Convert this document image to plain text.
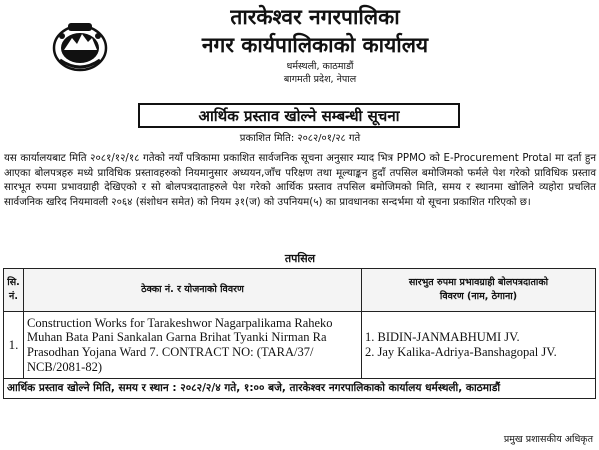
तारकेश्वर नगरपालिका
नगर कार्यपालिकाको कार्यालय
धर्मस्थली, काठमाडौं
बागमती प्रदेश, नेपाल
आर्थिक प्रस्ताव खोल्ने सम्बन्धी सूचना
प्रकाशित मिति: २०८२/०१/२८ गते

यस कार्यालयबाट मिति २०८१/१२/१८ गतेको नयाँ पत्रिकामा प्रकाशित सार्वजनिक सूचना अनुसार म्याद भित्र PPMO को E-Procurement Protal मा दर्ता हुन आएका बोलपत्रहरु मध्ये प्राविधिक प्रस्तावहरुको नियमानुसार अध्ययन,जाँच परिक्षण तथा मूल्याङ्कन हुदाँ तपसिल बमोजिमको फर्मले पेश गरेको प्राविधिक प्रस्ताव सारभूत रुपमा प्रभावग्राही देखिएको र सो बोलपत्रदाताहरुले पेश गरेको आर्थिक प्रस्ताव तपसिल बमोजिमको मिति, समय र स्थानमा खोलिने व्यहोरा प्रचलित सार्वजनिक खरिद नियमावली २०६४ (संशोधन समेत) को नियम ३१(ज) को उपनियम(५) का प्रावधानका सन्दर्भमा यो सूचना प्रकाशित गरिएको छ।

तपसिल
सि.
नं.	ठेक्का नं. र योजनाको विवरण	सारभुत रुपमा प्रभावग्राही बोलपत्रदाताको
विवरण (नाम, ठेगाना)
1.	Construction Works for Tarakeshwor Nagarpalikama Raheko Muhan Bata Pani Sankalan Garna Brihat Tyanki Nirman Ra Prasodhan Yojana Ward 7. CONTRACT NO: (TARA/37/ NCB/2081-82)	1. BIDIN-JANMABHUMI JV.
2. Jay Kalika-Adriya-Banshagopal JV.

आर्थिक प्रस्ताव खोल्ने मिति, समय र स्थान : २०८२/२/४ गते, १:०० बजे, तारकेश्वर नगरपालिकाको कार्यालय धर्मस्थली, काठमाडौं		
प्रमुख प्रशासकीय अधिकृत
